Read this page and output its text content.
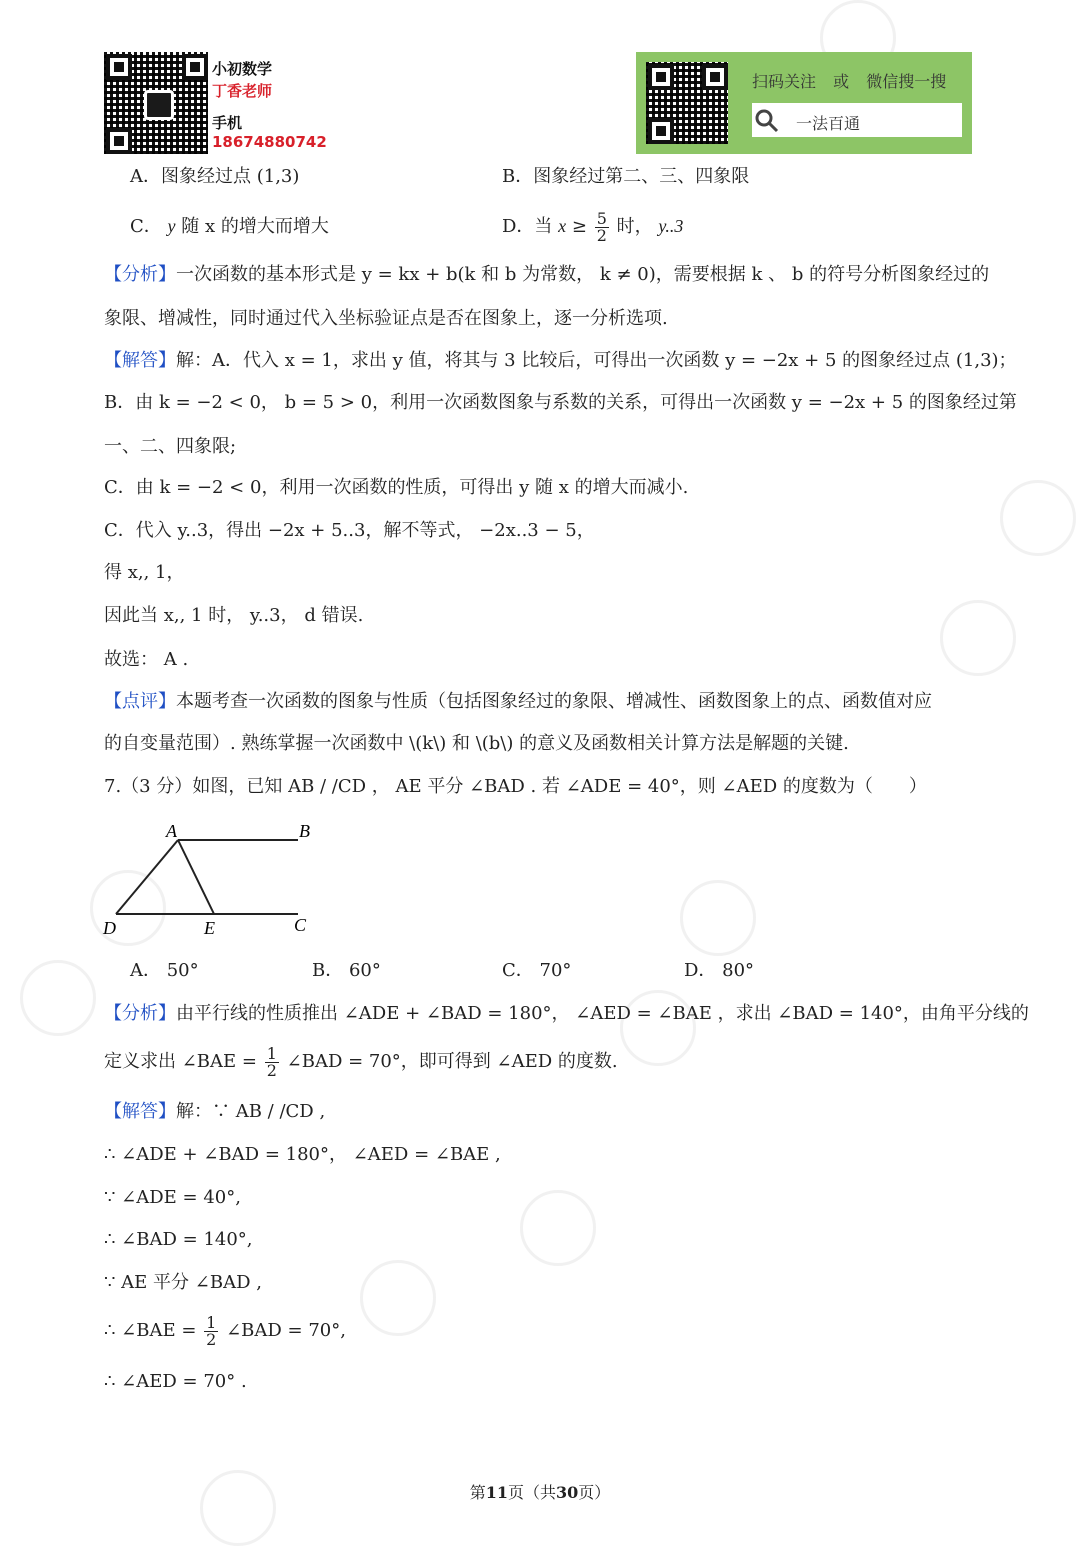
小初数学
丁香老师
手机
18674880742
扫码关注 或 微信搜一搜
一法百通
A．图象经过点 (1,3)	B．图象经过第二、三、四象限
C． y 随 x 的增大而增大	D．当 $x \ge \frac{5}{2}$ 时， y..3
【分析】一次函数的基本形式是 y = kx + b(k 和 b 为常数， k ≠ 0)，需要根据 k 、 b 的符号分析图象经过的
象限、增减性，同时通过代入坐标验证点是否在图象上，逐一分析选项.
【解答】解：A．代入 x = 1，求出 y 值，将其与 3 比较后，可得出一次函数 y = −2x + 5 的图象经过点 (1,3)；
B．由 k = −2 < 0， b = 5 > 0，利用一次函数图象与系数的关系，可得出一次函数 y = −2x + 5 的图象经过第
一、二、四象限;
C．由 k = −2 < 0，利用一次函数的性质，可得出 y 随 x 的增大而减小.
C．代入 y..3，得出 −2x + 5..3，解不等式， −2x..3 − 5，
得 x,, 1，
因此当 x,, 1 时， y..3， d 错误.
故选： A .
【点评】本题考查一次函数的图象与性质（包括图象经过的象限、增减性、函数图象上的点、函数值对应
的自变量范围）. 熟练掌握一次函数中 \(k\) 和 \(b\) 的意义及函数相关计算方法是解题的关键.
7.（3 分）如图，已知 AB / /CD ， AE 平分 ∠BAD . 若 ∠ADE = 40°，则 ∠AED 的度数为（　　）
A	B
C
D	E
A． 50°	B． 60°	C． 70°	D． 80°
【分析】由平行线的性质推出 ∠ADE + ∠BAD = 180°， ∠AED = ∠BAE ，求出 ∠BAD = 140°，由角平分线的
定义求出 ∠BAE = $\frac{1}{2}$ ∠BAD = 70°，即可得到 ∠AED 的度数.
【解答】解：∵ AB / /CD ,
∴ ∠ADE + ∠BAD = 180°， ∠AED = ∠BAE ,
∵ ∠ADE = 40°,
∴ ∠BAD = 140°,
∵ AE 平分 ∠BAD ,
∴ ∠BAE = $\frac{1}{2}$ ∠BAD = 70°,
∴ ∠AED = 70° .
第11页（共30页）
